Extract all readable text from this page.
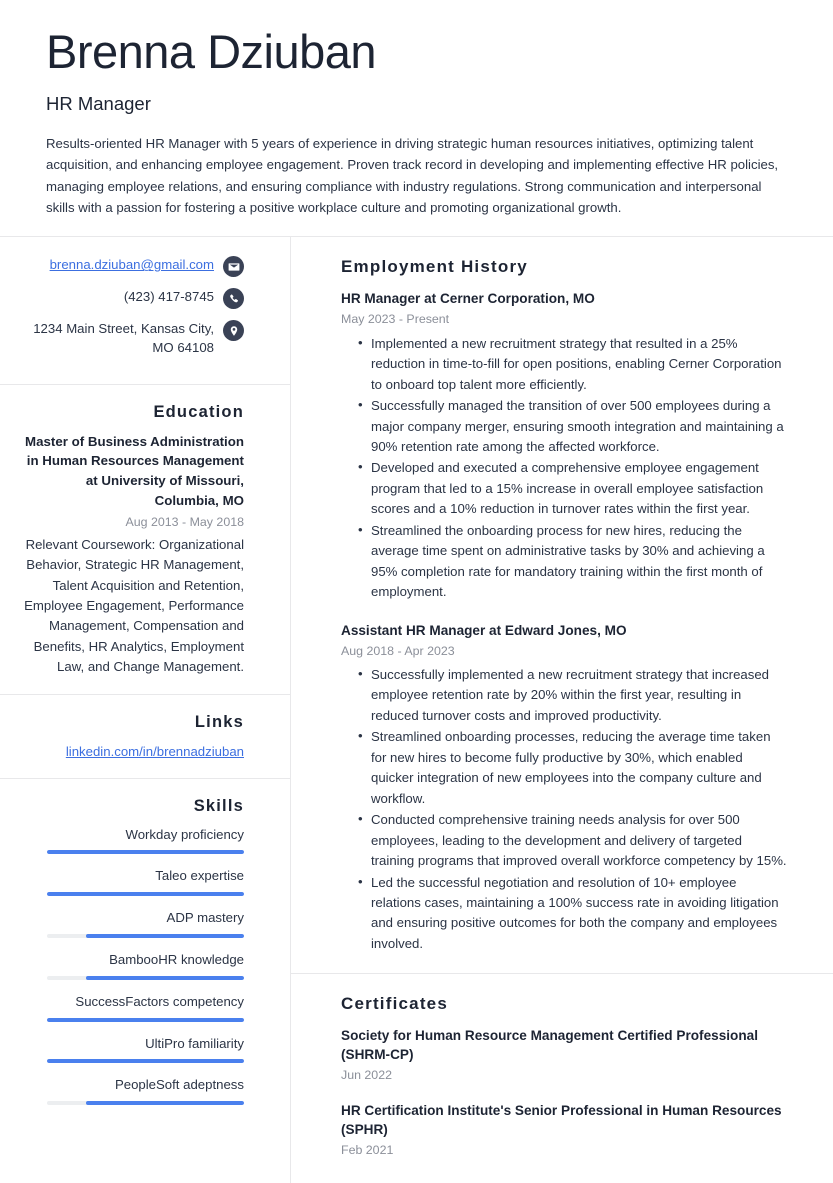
Brenna Dziuban
HR Manager

Results-oriented HR Manager with 5 years of experience in driving strategic human resources initiatives, optimizing talent acquisition, and enhancing employee engagement. Proven track record in developing and implementing effective HR policies, managing employee relations, and ensuring compliance with industry regulations. Strong communication and interpersonal skills with a passion for fostering a positive workplace culture and promoting organizational growth.

brenna.dziuban@gmail.com
(423) 417-8745
1234 Main Street, Kansas City, MO 64108
Education
Master of Business Administration in Human Resources Management at University of Missouri, Columbia, MO
Aug 2013 - May 2018
Relevant Coursework: Organizational Behavior, Strategic HR Management, Talent Acquisition and Retention, Employee Engagement, Performance Management, Compensation and Benefits, HR Analytics, Employment Law, and Change Management.
Links
linkedin.com/in/brennadziuban
Skills
Workday proficiency
Taleo expertise
ADP mastery
BambooHR knowledge
SuccessFactors competency
UltiPro familiarity
PeopleSoft adeptness
Employment History
HR Manager at Cerner Corporation, MO
May 2023 - Present
• Implemented a new recruitment strategy that resulted in a 25% reduction in time-to-fill for open positions, enabling Cerner Corporation to onboard top talent more efficiently.
• Successfully managed the transition of over 500 employees during a major company merger, ensuring smooth integration and maintaining a 90% retention rate among the affected workforce.
• Developed and executed a comprehensive employee engagement program that led to a 15% increase in overall employee satisfaction scores and a 10% reduction in turnover rates within the first year.
• Streamlined the onboarding process for new hires, reducing the average time spent on administrative tasks by 30% and achieving a 95% completion rate for mandatory training within the first month of employment.
Assistant HR Manager at Edward Jones, MO
Aug 2018 - Apr 2023
• Successfully implemented a new recruitment strategy that increased employee retention rate by 20% within the first year, resulting in reduced turnover costs and improved productivity.
• Streamlined onboarding processes, reducing the average time taken for new hires to become fully productive by 30%, which enabled quicker integration of new employees into the company culture and workflow.
• Conducted comprehensive training needs analysis for over 500 employees, leading to the development and delivery of targeted training programs that improved overall workforce competency by 15%.
• Led the successful negotiation and resolution of 10+ employee relations cases, maintaining a 100% success rate in avoiding litigation and ensuring positive outcomes for both the company and employees involved.
Certificates
Society for Human Resource Management Certified Professional (SHRM-CP)
Jun 2022
HR Certification Institute's Senior Professional in Human Resources (SPHR)
Feb 2021
